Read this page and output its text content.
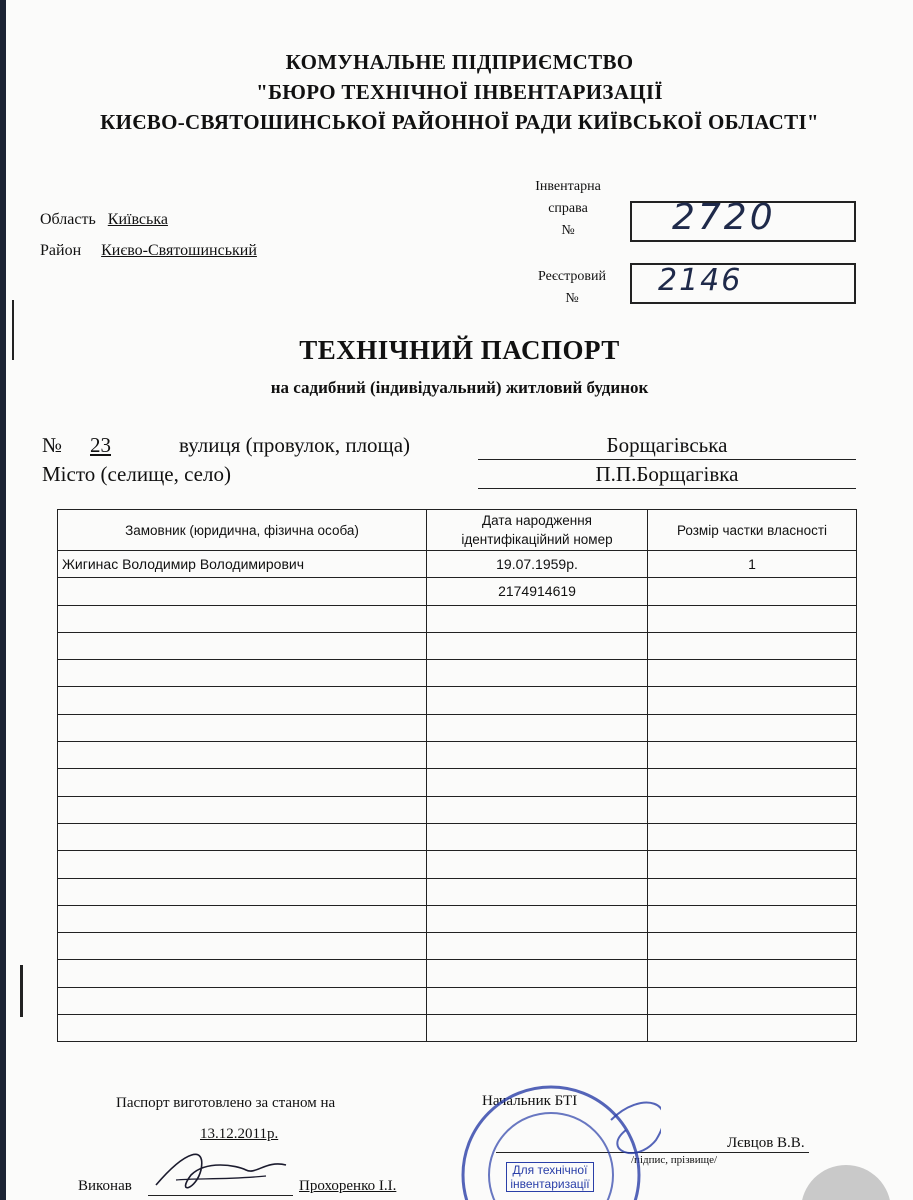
КОМУНАЛЬНЕ ПІДПРИЄМСТВО
"БЮРО ТЕХНІЧНОЇ ІНВЕНТАРИЗАЦІЇ
КИЄВО-СВЯТОШИНСЬКОЇ РАЙОННОЇ РАДИ КИЇВСЬКОЇ ОБЛАСТІ"
Область Київська
Район Києво-Святошинський
Інвентарна
справа
№	2720
Реєстровий
№
2146
ТЕХНІЧНИЙ ПАСПОРТ
на садибний (індивідуальний) житловий будинок
№ 23	вулиця (провулок, площа)	Борщагівська
Місто (селище, село)	П.П.Борщагівка
Замовник (юридична, фізична особа)	Дата народження ідентифікаційний номер	Розмір частки власності
Жигинас Володимир Володимирович	19.07.1959р.	1
	2174914619	

Паспорт виготовлено за станом на
13.12.2011р.
Виконав	Прохоренко І.І.
Начальник БТІ
Лєвцов В.В.
/підпис, прізвище/
Для технічної
інвентаризації
